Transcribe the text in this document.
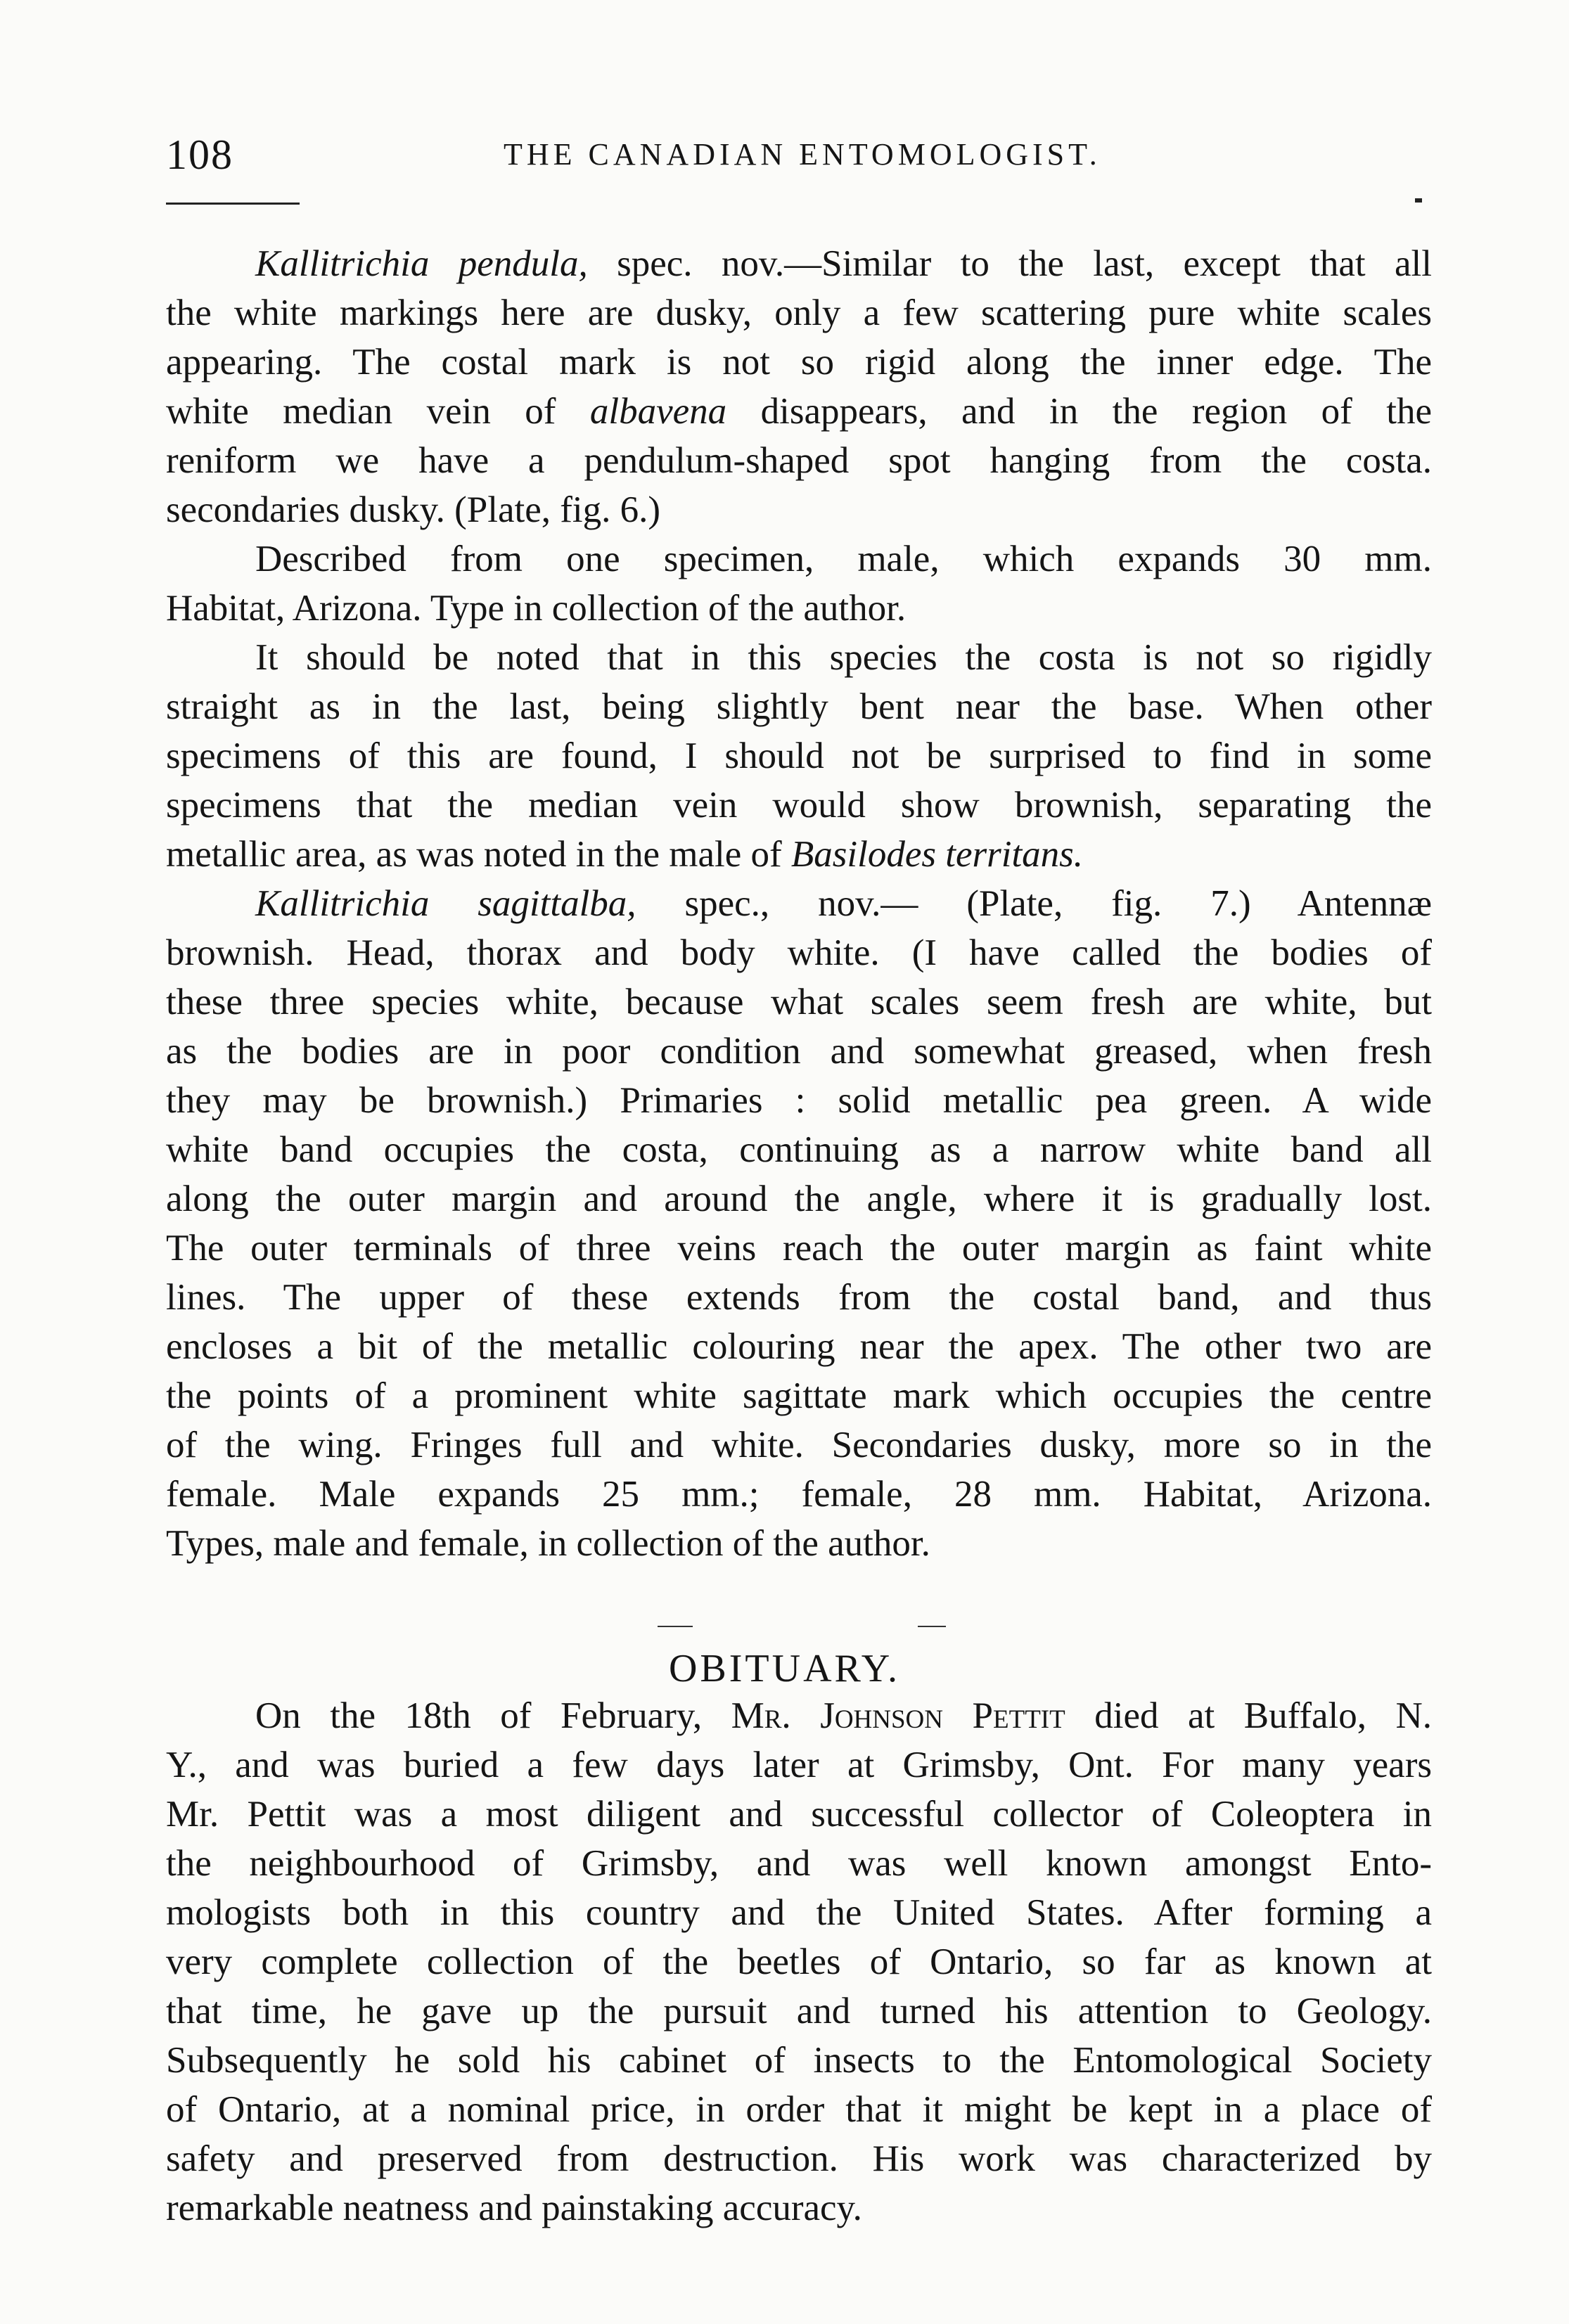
108	THE CANADIAN ENTOMOLOGIST.
Kallitrichia pendula, spec. nov.—Similar to the last, except that all
the white markings here are dusky, only a few scattering pure white scales
appearing. The costal mark is not so rigid along the inner edge. The
white median vein of albavena disappears, and in the region of the
reniform we have a pendulum-shaped spot hanging from the costa.
secondaries dusky. (Plate, fig. 6.)
Described from one specimen, male, which expands 30 mm.
Habitat, Arizona. Type in collection of the author.
It should be noted that in this species the costa is not so rigidly
straight as in the last, being slightly bent near the base. When other
specimens of this are found, I should not be surprised to find in some
specimens that the median vein would show brownish, separating the
metallic area, as was noted in the male of Basilodes territans.
Kallitrichia sagittalba, spec., nov.— (Plate, fig. 7.) Antennæ
brownish. Head, thorax and body white. (I have called the bodies of
these three species white, because what scales seem fresh are white, but
as the bodies are in poor condition and somewhat greased, when fresh
they may be brownish.) Primaries : solid metallic pea green. A wide
white band occupies the costa, continuing as a narrow white band all
along the outer margin and around the angle, where it is gradually lost.
The outer terminals of three veins reach the outer margin as faint white
lines. The upper of these extends from the costal band, and thus
encloses a bit of the metallic colouring near the apex. The other two are
the points of a prominent white sagittate mark which occupies the centre
of the wing. Fringes full and white. Secondaries dusky, more so in the
female. Male expands 25 mm.; female, 28 mm. Habitat, Arizona.
Types, male and female, in collection of the author.
On the 18th of February, Mr. Johnson Pettit died at Buffalo, N.
Y., and was buried a few days later at Grimsby, Ont. For many years
Mr. Pettit was a most diligent and successful collector of Coleoptera in
the neighbourhood of Grimsby, and was well known amongst Ento-
mologists both in this country and the United States. After forming a
very complete collection of the beetles of Ontario, so far as known at
that time, he gave up the pursuit and turned his attention to Geology.
Subsequently he sold his cabinet of insects to the Entomological Society
of Ontario, at a nominal price, in order that it might be kept in a place of
safety and preserved from destruction. His work was characterized by
remarkable neatness and painstaking accuracy.
OBITUARY.
